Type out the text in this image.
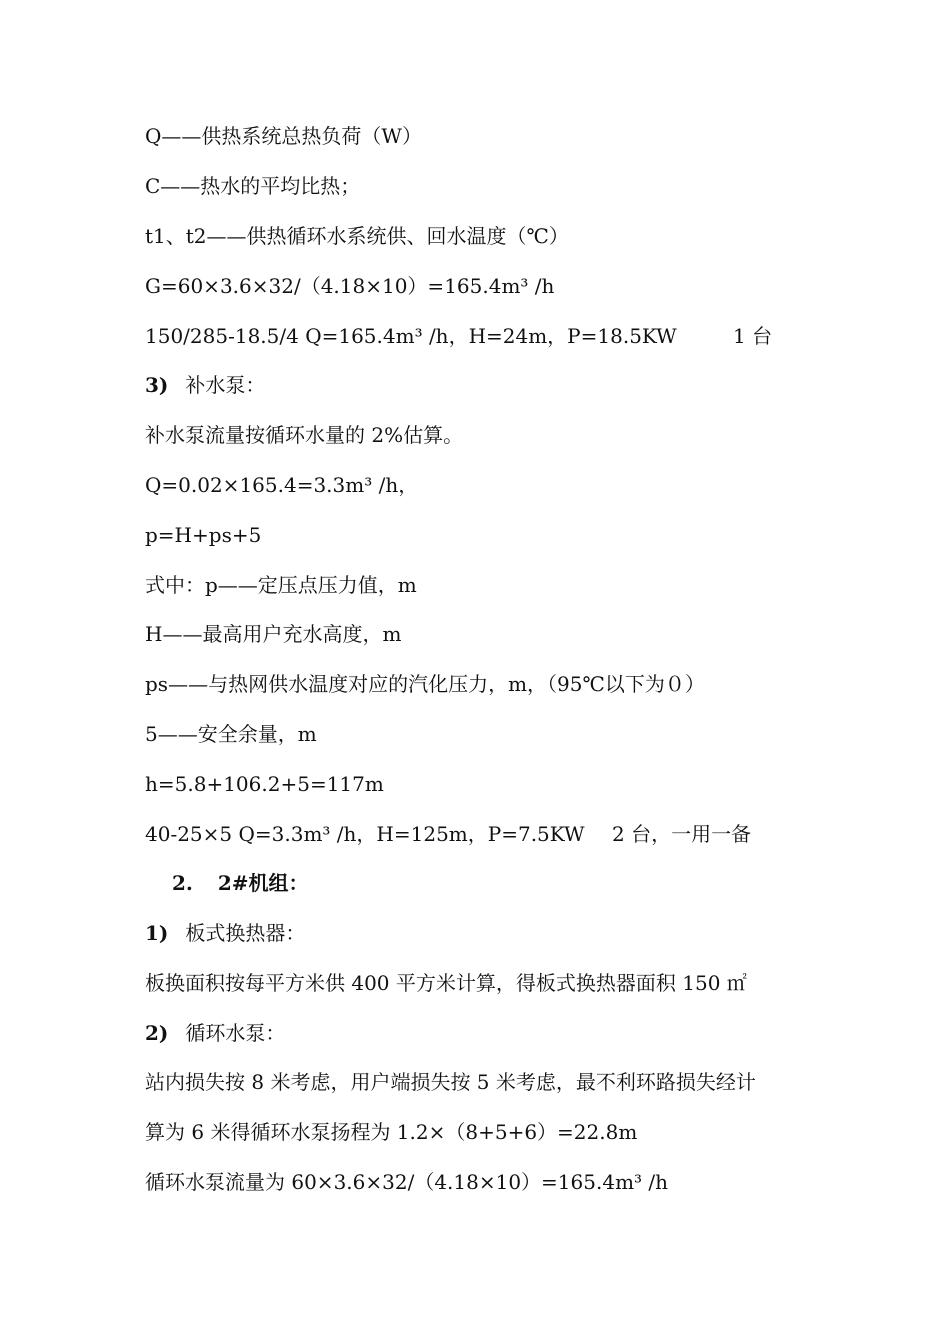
Q——供热系统总热负荷（W）
C——热水的平均比热；
t1、t2——供热循环水系统供、回水温度（℃）
G=60×3.6×32/（4.18×10）=165.4m³ /h
150/285-18.5/4 Q=165.4m³ /h，H=24m，P=18.5KW	1 台
3) 补水泵：
补水泵流量按循环水量的 2%估算。
Q=0.02×165.4=3.3m³ /h，
p=H+ps+5
式中：p——定压点压力值，m
H——最高用户充水高度，m
ps——与热网供水温度对应的汽化压力，m，（95℃以下为０）
5——安全余量，m
h=5.8+106.2+5=117m
40-25×5 Q=3.3m³ /h，H=125m，P=7.5KW 2 台，一用一备
2. 2#机组：
1) 板式换热器：
板换面积按每平方米供 400 平方米计算，得板式换热器面积 150 ㎡
2) 循环水泵：
站内损失按 8 米考虑，用户端损失按 5 米考虑，最不利环路损失经计
算为 6 米得循环水泵扬程为 1.2×（8+5+6）=22.8m
循环水泵流量为 60×3.6×32/（4.18×10）=165.4m³ /h
